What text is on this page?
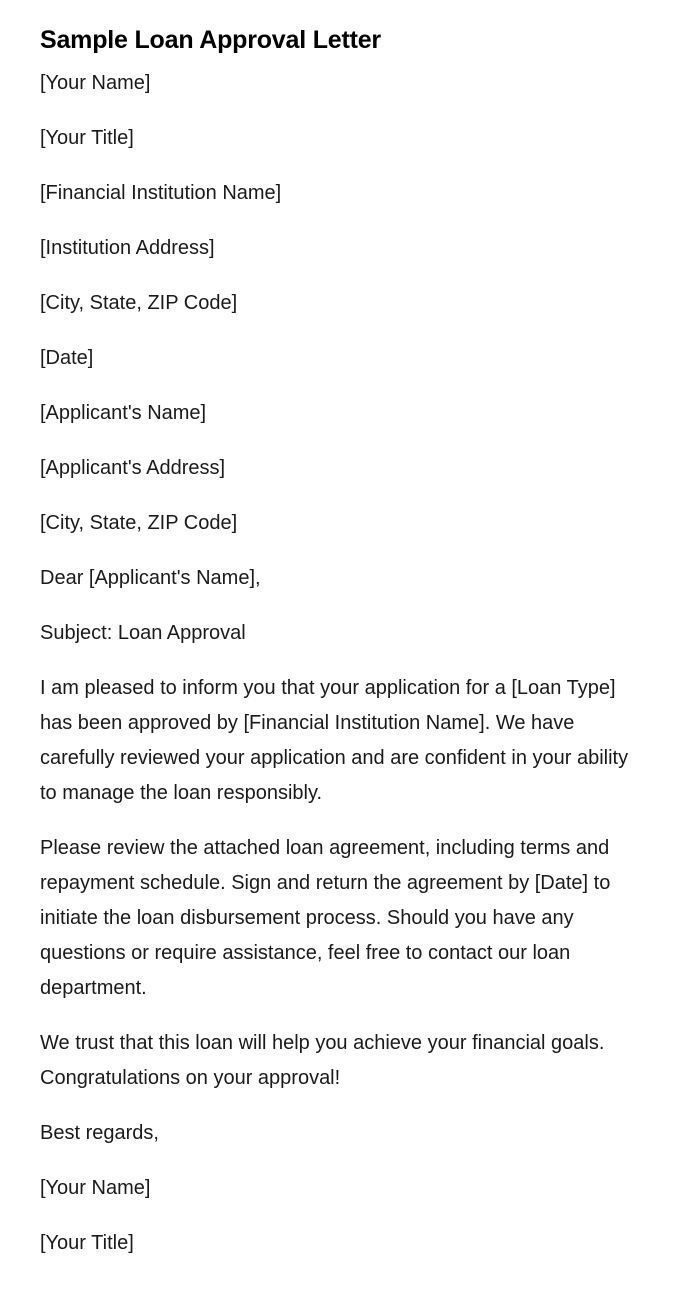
Sample Loan Approval Letter

[Your Name]

[Your Title]

[Financial Institution Name]

[Institution Address]

[City, State, ZIP Code]

[Date]

[Applicant's Name]

[Applicant's Address]

[City, State, ZIP Code]

Dear [Applicant's Name],

Subject: Loan Approval

I am pleased to inform you that your application for a [Loan Type] has been approved by [Financial Institution Name]. We have carefully reviewed your application and are confident in your ability to manage the loan responsibly.

Please review the attached loan agreement, including terms and repayment schedule. Sign and return the agreement by [Date] to initiate the loan disbursement process. Should you have any questions or require assistance, feel free to contact our loan department.

We trust that this loan will help you achieve your financial goals. Congratulations on your approval!

Best regards,

[Your Name]

[Your Title]
